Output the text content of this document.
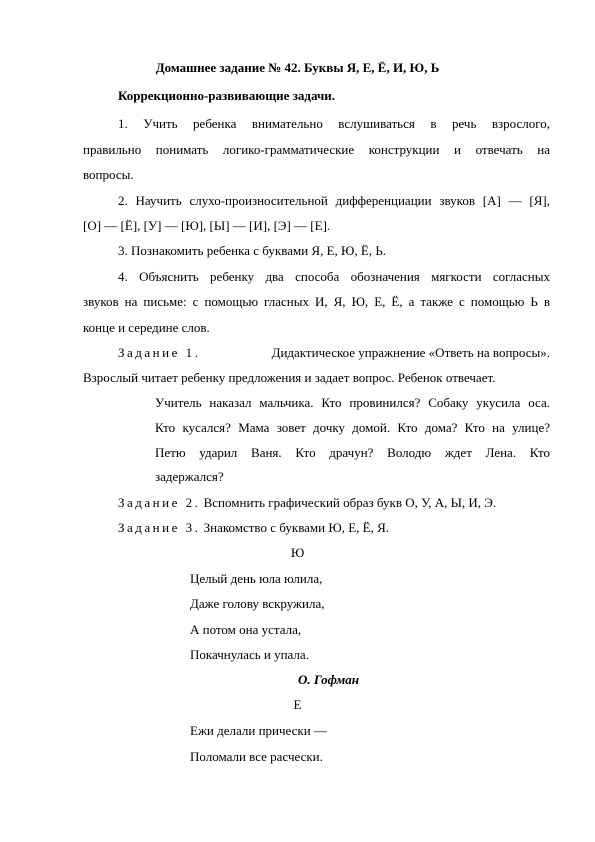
Домашнее задание № 42. Буквы Я, Е, Ё, И, Ю, Ь
Коррекционно-развивающие задачи.
1. Учить ребенка внимательно вслушиваться в речь взрослого,
правильно понимать логико-грамматические конструкции и отвечать на
вопросы.
2. Научить слухо-произносительной дифференциации звуков [А] — [Я],
[О] — [Ё], [У] — [Ю], [Ы] — [И], [Э] — [Е].
3. Познакомить ребенка с буквами Я, Е, Ю, Ё, Ь.
4. Объяснить ребенку два способа обозначения мягкости согласных
звуков на письме: с помощью гласных И, Я, Ю, Е, Ё, а также с помощью Ь в
конце и середине слов.
Задание 1.	Дидактическое упражнение «Ответь на вопросы».
Взрослый читает ребенку предложения и задает вопрос. Ребенок отвечает.
Учитель наказал мальчика. Кто провинился? Собаку укусила оса.
Кто кусался? Мама зовет дочку домой. Кто дома? Кто на улице?
Петю ударил Ваня. Кто драчун? Володю ждет Лена. Кто
задержался?
Задание 2. Вспомнить графический образ букв О, У, А, Ы, И, Э.
Задание 3. Знакомство с буквами Ю, Е, Ё, Я.
Ю
Целый день юла юлила,
Даже голову вскружила,
А потом она устала,
Покачнулась и упала.
О. Гофман
Е
Ежи делали прически —
Поломали все расчески.
